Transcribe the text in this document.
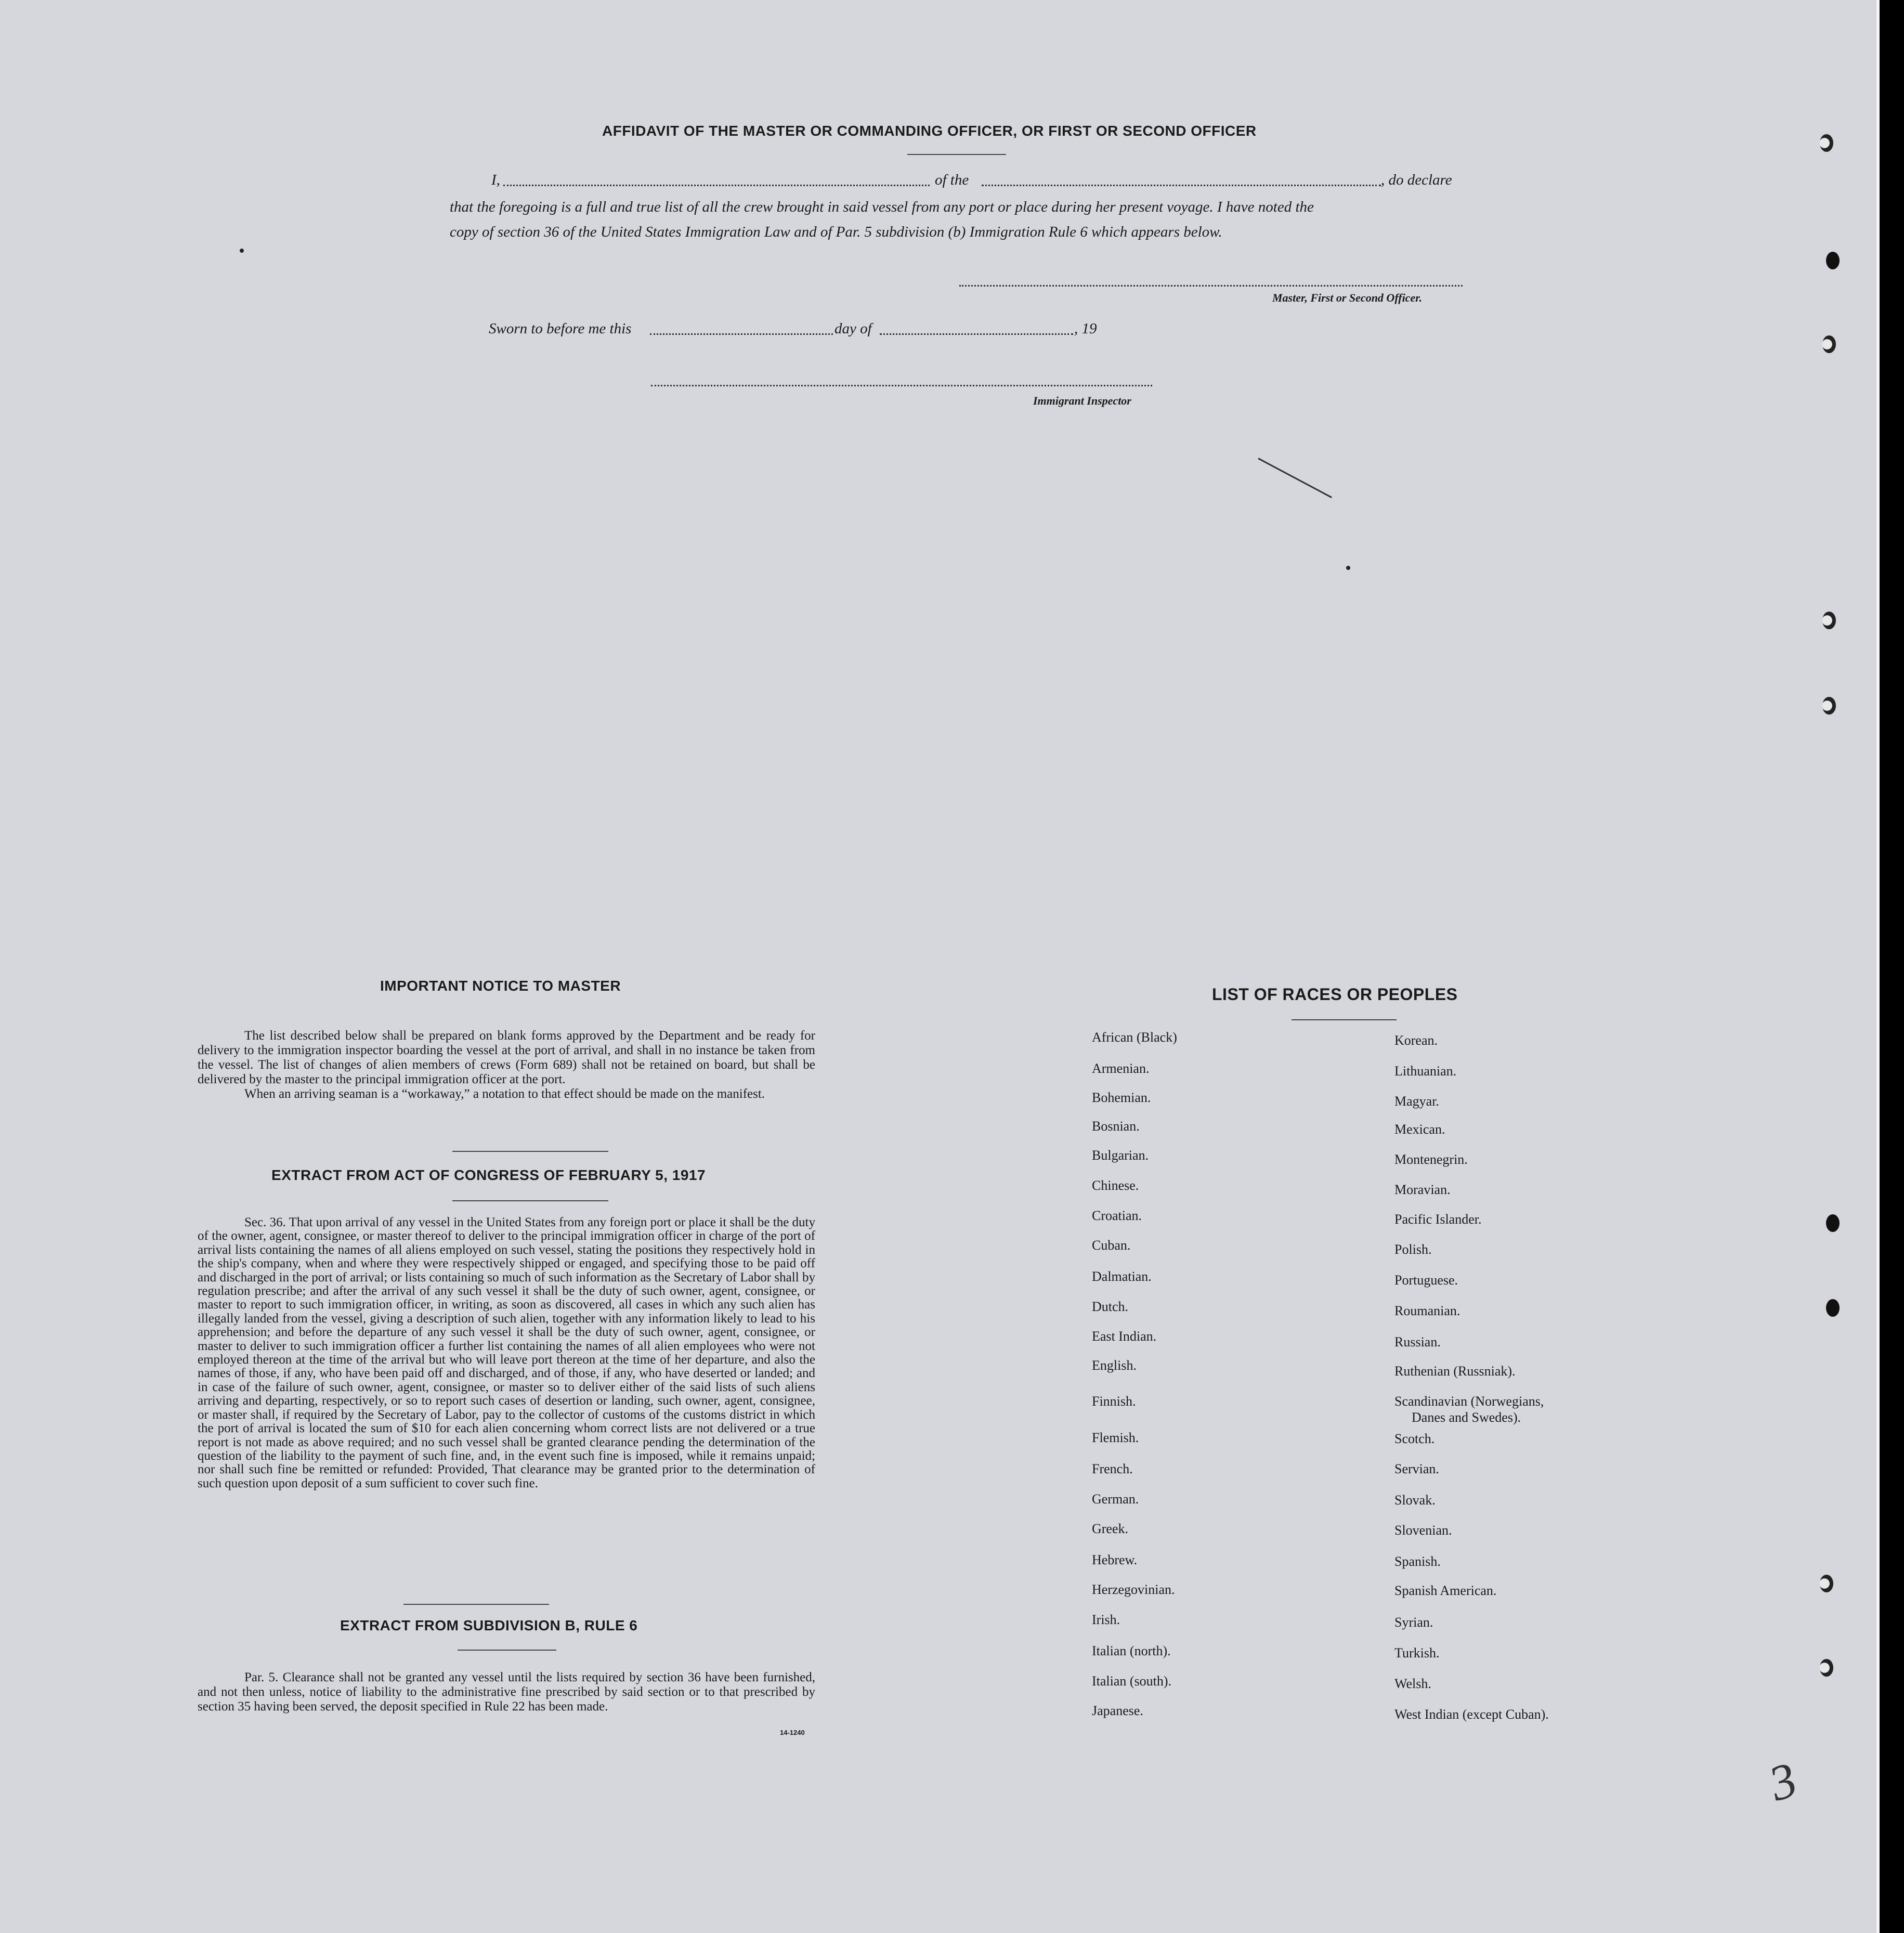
AFFIDAVIT OF THE MASTER OR COMMANDING OFFICER, OR FIRST OR SECOND OFFICER
I,	of the	, do declare
that the foregoing is a full and true list of all the crew brought in said vessel from any port or place during her present voyage. I have noted the
copy of section 36 of the United States Immigration Law and of Par. 5 subdivision (b) Immigration Rule 6 which appears below.
Master, First or Second Officer.
Sworn to before me this	day of	, 19
Immigrant Inspector
IMPORTANT NOTICE TO MASTER

The list described below shall be prepared on blank forms approved by the Department and be ready for delivery to the immigration inspector boarding the vessel at the port of arrival, and shall in no instance be taken from the vessel. The list of changes of alien members of crews (Form 689) shall not be retained on board, but shall be delivered by the master to the principal immigration officer at the port.

When an arriving seaman is a “workaway,” a notation to that effect should be made on the manifest.

EXTRACT FROM ACT OF CONGRESS OF FEBRUARY 5, 1917

Sec. 36. That upon arrival of any vessel in the United States from any foreign port or place it shall be the duty of the owner, agent, consignee, or master thereof to deliver to the principal immigration officer in charge of the port of arrival lists containing the names of all aliens employed on such vessel, stating the positions they respectively hold in the ship's company, when and where they were respectively shipped or engaged, and specifying those to be paid off and discharged in the port of arrival; or lists containing so much of such information as the Secretary of Labor shall by regulation prescribe; and after the arrival of any such vessel it shall be the duty of such owner, agent, consignee, or master to report to such immigration officer, in writing, as soon as discovered, all cases in which any such alien has illegally landed from the vessel, giving a description of such alien, together with any information likely to lead to his apprehension; and before the departure of any such vessel it shall be the duty of such owner, agent, consignee, or master to deliver to such immigration officer a further list containing the names of all alien employees who were not employed thereon at the time of the arrival but who will leave port thereon at the time of her departure, and also the names of those, if any, who have been paid off and discharged, and of those, if any, who have deserted or landed; and in case of the failure of such owner, agent, consignee, or master so to deliver either of the said lists of such aliens arriving and departing, respectively, or so to report such cases of desertion or landing, such owner, agent, consignee, or master shall, if required by the Secretary of Labor, pay to the collector of customs of the customs district in which the port of arrival is located the sum of $10 for each alien concerning whom correct lists are not delivered or a true report is not made as above required; and no such vessel shall be granted clearance pending the determination of the question of the liability to the payment of such fine, and, in the event such fine is imposed, while it remains unpaid; nor shall such fine be remitted or refunded: Provided, That clearance may be granted prior to the determination of such question upon deposit of a sum sufficient to cover such fine.

EXTRACT FROM SUBDIVISION B, RULE 6

Par. 5. Clearance shall not be granted any vessel until the lists required by section 36 have been furnished, and not then unless, notice of liability to the administrative fine prescribed by said section or to that prescribed by section 35 having been served, the deposit specified in Rule 22 has been made.

14-1240
LIST OF RACES OR PEOPLES
African (Black)
Armenian.
Bohemian.
Bosnian.
Bulgarian.
Chinese.
Croatian.
Cuban.
Dalmatian.
Dutch.
East Indian.
English.
Finnish.
Flemish.
French.
German.
Greek.
Hebrew.
Herzegovinian.
Irish.
Italian (north).
Italian (south).
Japanese.
Korean.
Lithuanian.
Magyar.
Mexican.
Montenegrin.
Moravian.
Pacific Islander.
Polish.
Portuguese.
Roumanian.
Russian.
Ruthenian (Russniak).
Scandinavian (Norwegians,
Scotch.
Servian.
Slovak.
Slovenian.
Spanish.
Spanish American.
Syrian.
Turkish.
Welsh.
West Indian (except Cuban).
Danes and Swedes).
3
